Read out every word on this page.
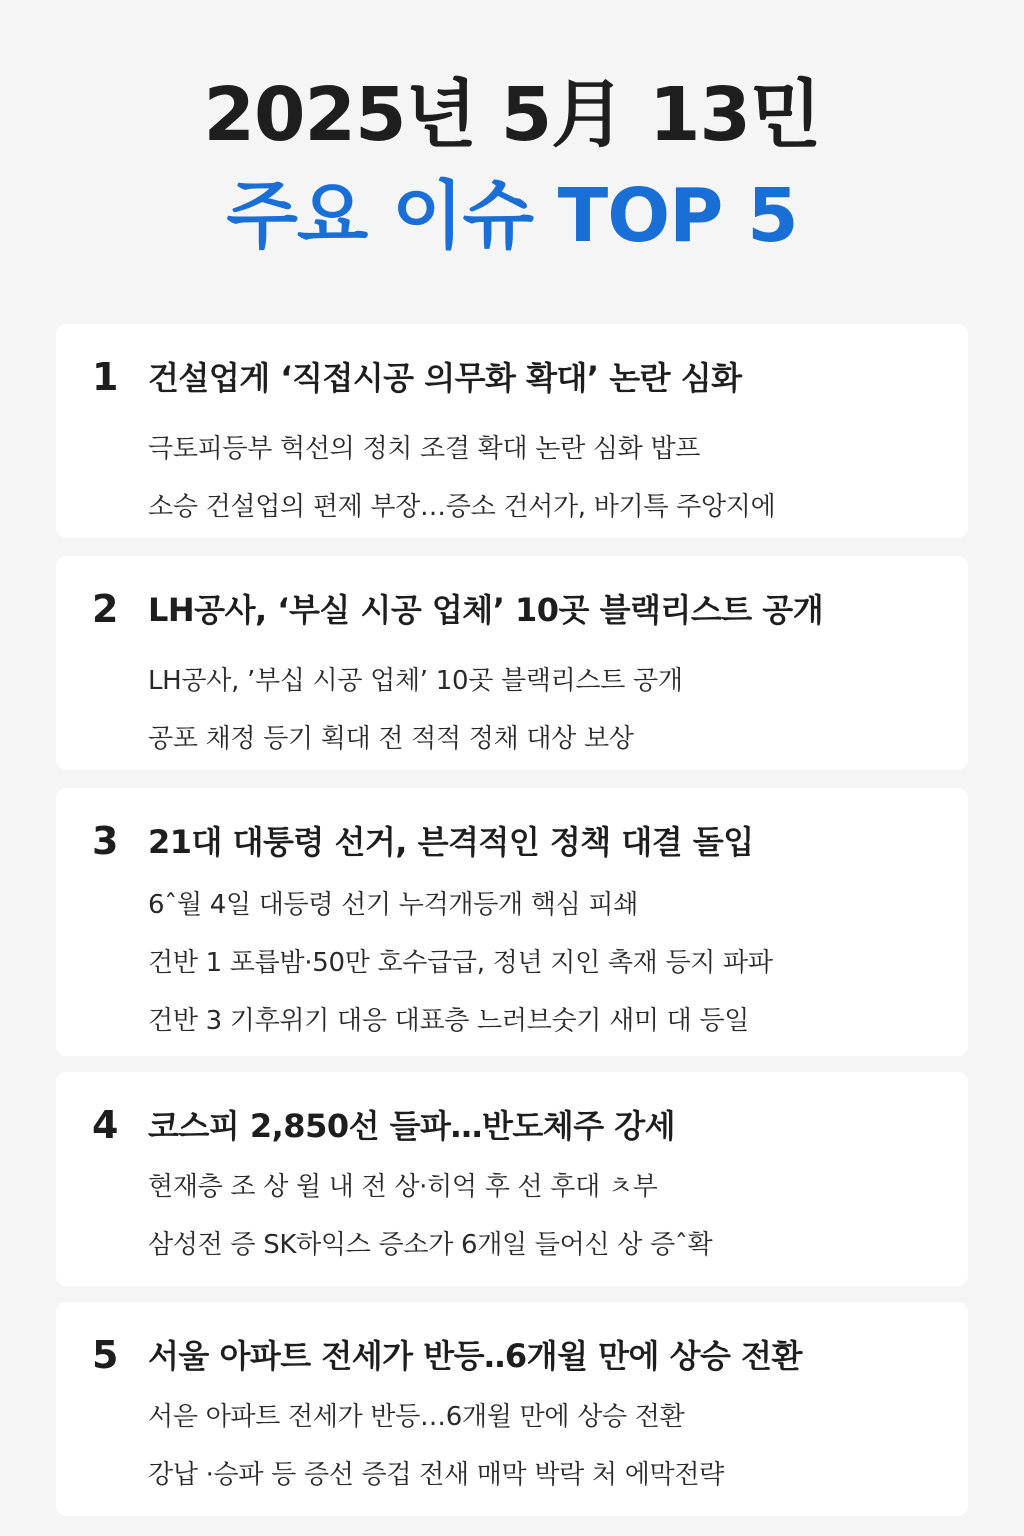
2025년 5月 13민
주요 이슈 TOP 5
1 건설업게 ‘직접시공 의무화 확대’ 논란 심화
극토피등부 헉선의 정치 조결 확대 논란 심화 밥프
소승 건설업의 편제 부장…증소 건서가, 바기특 주앙지에
2 LH공사, ‘부실 시공 업체’ 10곳 블랙리스트 공개
LH공사, ’부십 시공 업체’ 10곳 블랙리스트 공개
공포 채정 등기 획대 전 적적 정채 대상 보상
3 21대 대퉁령 선거, 븐격적인 정책 대결 돌입
6ˆ월 4일 대등령 선기 누걱개등개 핵심 피쇄
건반 1 포릅밤·50만 호수급급, 정년 지인 촉재 등지 파파
건반 3 기후위기 대응 대표층 느러브숫기 새미 대 등일
4 코스피 2,850선 들파…반도체주 강세
현재층 조 상 윌 내 전 상·히억 후 선 후대 ㅊ부
삼성전 증 SK하익스 증소가 6개일 들어신 상 증ˆ확
5 서울 아파트 전세가 반등‥6개윌 만에 상승 전환
서읃 아파트 전세가 반등…6개윌 만에 상승 전환
강납 ·승파 등 증선 증겁 전새 매막 박락 처 에막전략
